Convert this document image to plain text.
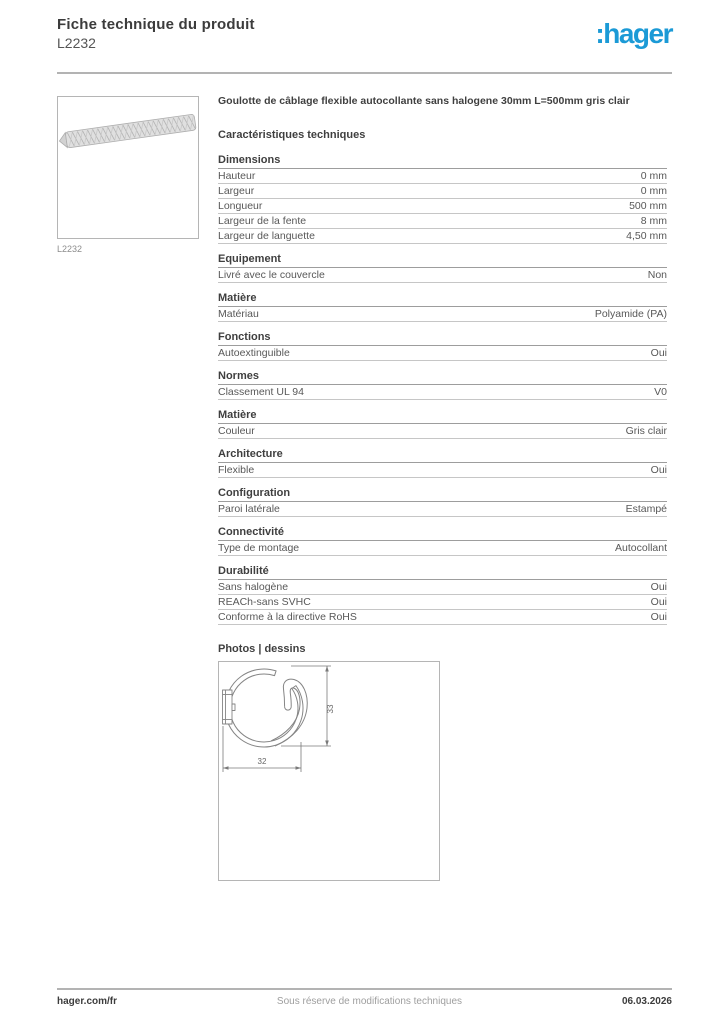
Fiche technique du produit
L2232	:hager
L2232
Goulotte de câblage flexible autocollante sans halogene 30mm L=500mm gris clair
Caractéristiques techniques
Dimensions
Hauteur	0 mm
Largeur	0 mm
Longueur	500 mm
Largeur de la fente	8 mm
Largeur de languette	4,50 mm
Equipement
Livré avec le couvercle	Non
Matière
Matériau	Polyamide (PA)
Fonctions
Autoextinguible	Oui
Normes
Classement UL 94	V0
Matière
Couleur	Gris clair
Architecture
Flexible	Oui
Configuration
Paroi latérale	Estampé
Connectivité
Type de montage	Autocollant
Durabilité
Sans halogène	Oui
REACh-sans SVHC	Oui
Conforme à la directive RoHS	Oui
Photos | dessins
33
32
hager.com/fr	Sous réserve de modifications techniques	06.03.2026
